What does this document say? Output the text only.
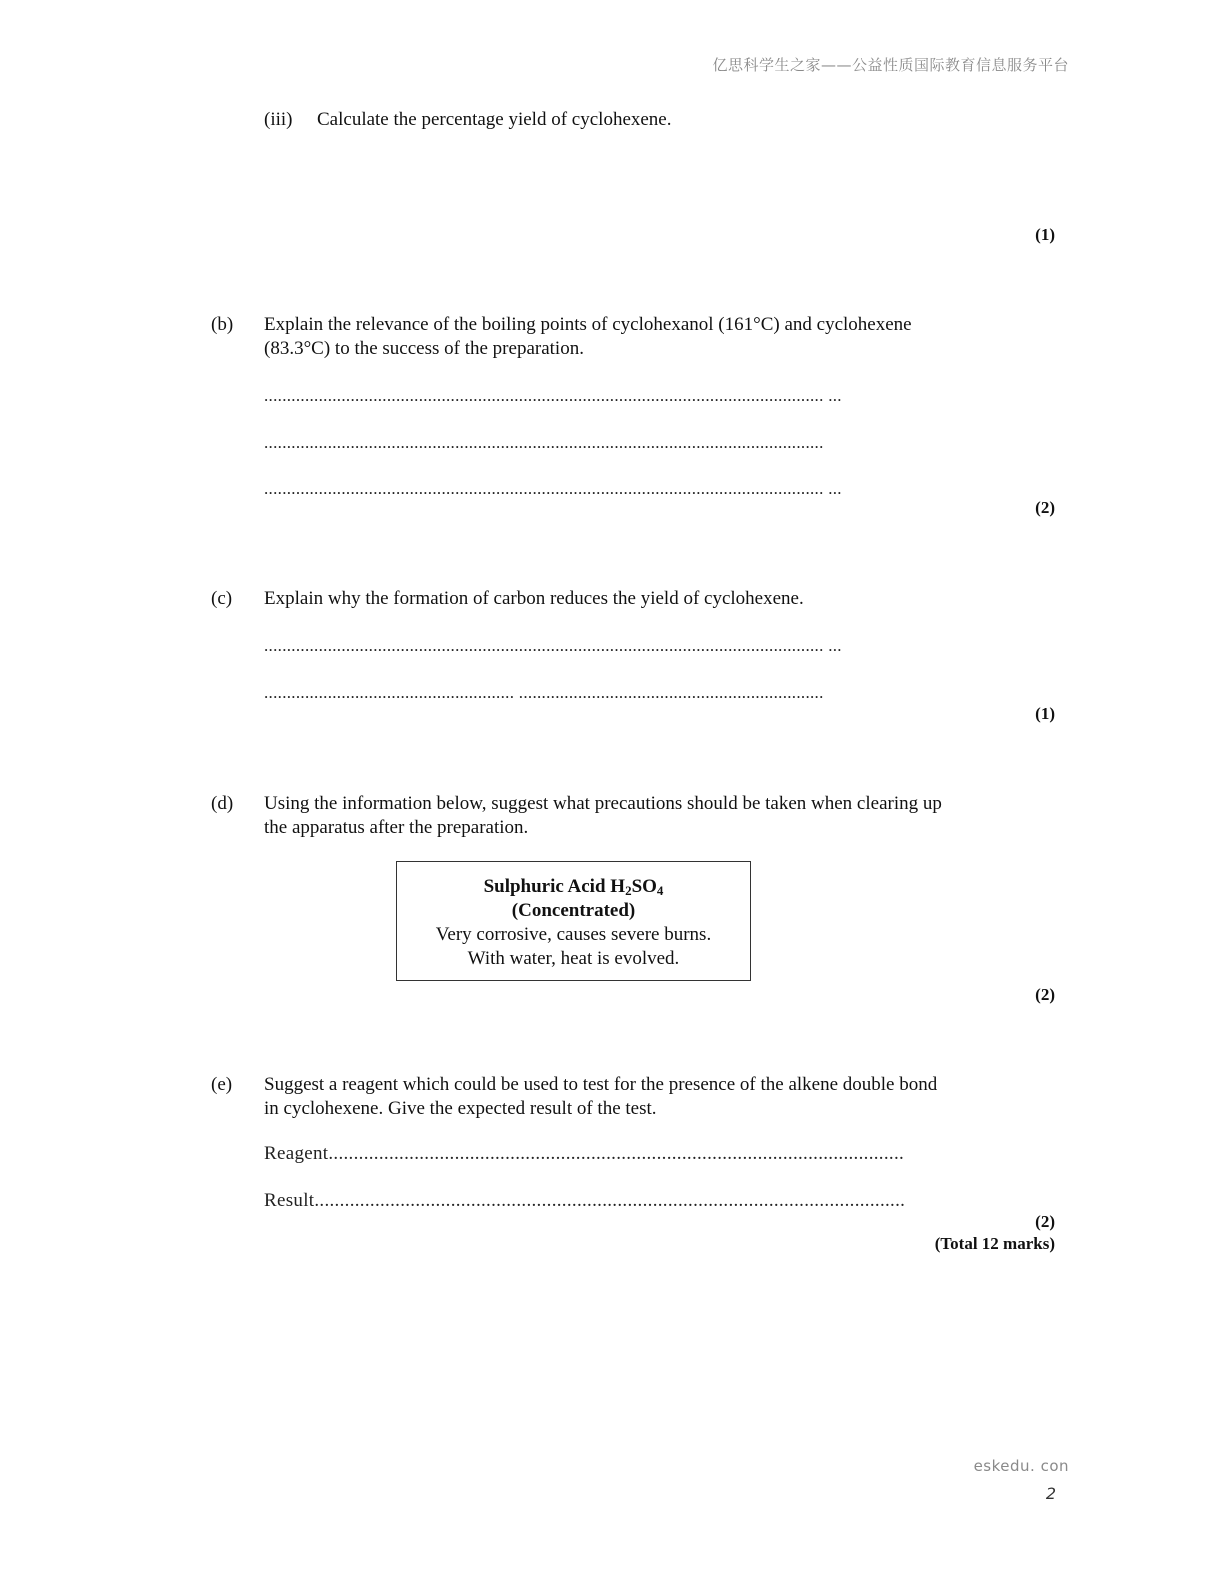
亿思科学生之家——公益性质国际教育信息服务平台
(iii) Calculate the percentage yield of cyclohexene.
(1)
(b) Explain the relevance of the boiling points of cyclohexanol (161°C) and cyclohexene
(83.3°C) to the success of the preparation.
........................................................................................................................... ...
...........................................................................................................................
........................................................................................................................... ...
(2)
(c) Explain why the formation of carbon reduces the yield of cyclohexene.
........................................................................................................................... ...
....................................................... ...................................................................
(1)
(d) Using the information below, suggest what precautions should be taken when clearing up
the apparatus after the preparation.
Sulphuric Acid $H_2SO_4$
(Concentrated)
Very corrosive, causes severe burns.
With water, heat is evolved.
(2)
(e) Suggest a reagent which could be used to test for the presence of the alkene double bond
in cyclohexene. Give the expected result of the test.
Reagent..................................................................................................................
Result.....................................................................................................................
(2)
(Total 12 marks)
eskedu. con
2
